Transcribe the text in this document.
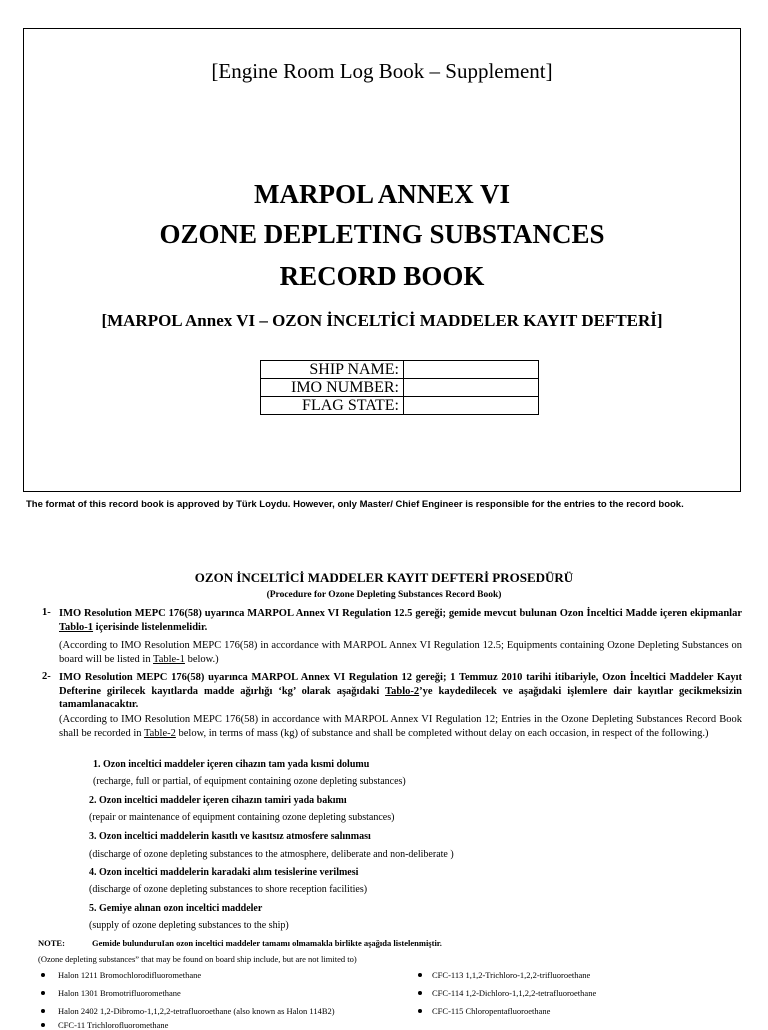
[Engine Room Log Book – Supplement]
MARPOL ANNEX VI
OZONE DEPLETING SUBSTANCES
RECORD BOOK
[MARPOL Annex VI – OZON İNCELTİCİ MADDELER KAYIT DEFTERİ]
SHIP NAME:	
IMO NUMBER:	
FLAG STATE:	
The format of this record book is approved by Türk Loydu. However, only Master/ Chief Engineer is responsible for the entries to the record book.
OZON İNCELTİCİ MADDELER KAYIT DEFTERİ PROSEDÜRÜ
(Procedure for Ozone Depleting Substances Record Book)
1- IMO Resolution MEPC 176(58) uyarınca MARPOL Annex VI Regulation 12.5 gereği; gemide mevcut bulunan Ozon İnceltici Madde içeren ekipmanlar Tablo-1 içerisinde listelenmelidir.
(According to IMO Resolution MEPC 176(58) in accordance with MARPOL Annex VI Regulation 12.5; Equipments containing Ozone Depleting Substances on board will be listed in Table-1 below.)
2- IMO Resolution MEPC 176(58) uyarınca MARPOL Annex VI Regulation 12 gereği; 1 Temmuz 2010 tarihi itibariyle, Ozon İnceltici Maddeler Kayıt Defterine girilecek kayıtlarda madde ağırlığı ‘kg’ olarak aşağıdaki Tablo-2’ye kaydedilecek ve aşağıdaki işlemlere dair kayıtlar gecikmeksizin tamamlanacaktır.
(According to IMO Resolution MEPC 176(58) in accordance with MARPOL Annex VI Regulation 12; Entries in the Ozone Depleting Substances Record Book shall be recorded in Table-2 below, in terms of mass (kg) of substance and shall be completed without delay on each occasion, in respect of the following.)
1. Ozon inceltici maddeler içeren cihazın tam yada kısmi dolumu
(recharge, full or partial, of equipment containing ozone depleting substances)
2. Ozon inceltici maddeler içeren cihazın tamiri yada bakımı
(repair or maintenance of equipment containing ozone depleting substances)
3. Ozon inceltici maddelerin kasıtlı ve kasıtsız atmosfere salınması
(discharge of ozone depleting substances to the atmosphere, deliberate and non-deliberate )
4. Ozon inceltici maddelerin karadaki alım tesislerine verilmesi
(discharge of ozone depleting substances to shore reception facilities)
5. Gemiye alınan ozon inceltici maddeler
(supply of ozone depleting substances to the ship)
NOTE:	Gemide bulunduruIan ozon inceltici maddeler tamamı olmamakla birlikte aşağıda listelenmiştir.
(Ozone depleting substances” that may be found on board ship include, but are not limited to)
Halon 1211 Bromochlorodifluoromethane
Halon 1301 Bromotrifluoromethane
Halon 2402 1,2-Dibromo-1,1,2,2-tetrafluoroethane (also known as Halon 114B2)
CFC-11 Trichlorofluoromethane
CFC-113 1,1,2-Trichloro-1,2,2-trifluoroethane
CFC-114 1,2-Dichloro-1,1,2,2-tetrafluoroethane
CFC-115 Chloropentafluoroethane
